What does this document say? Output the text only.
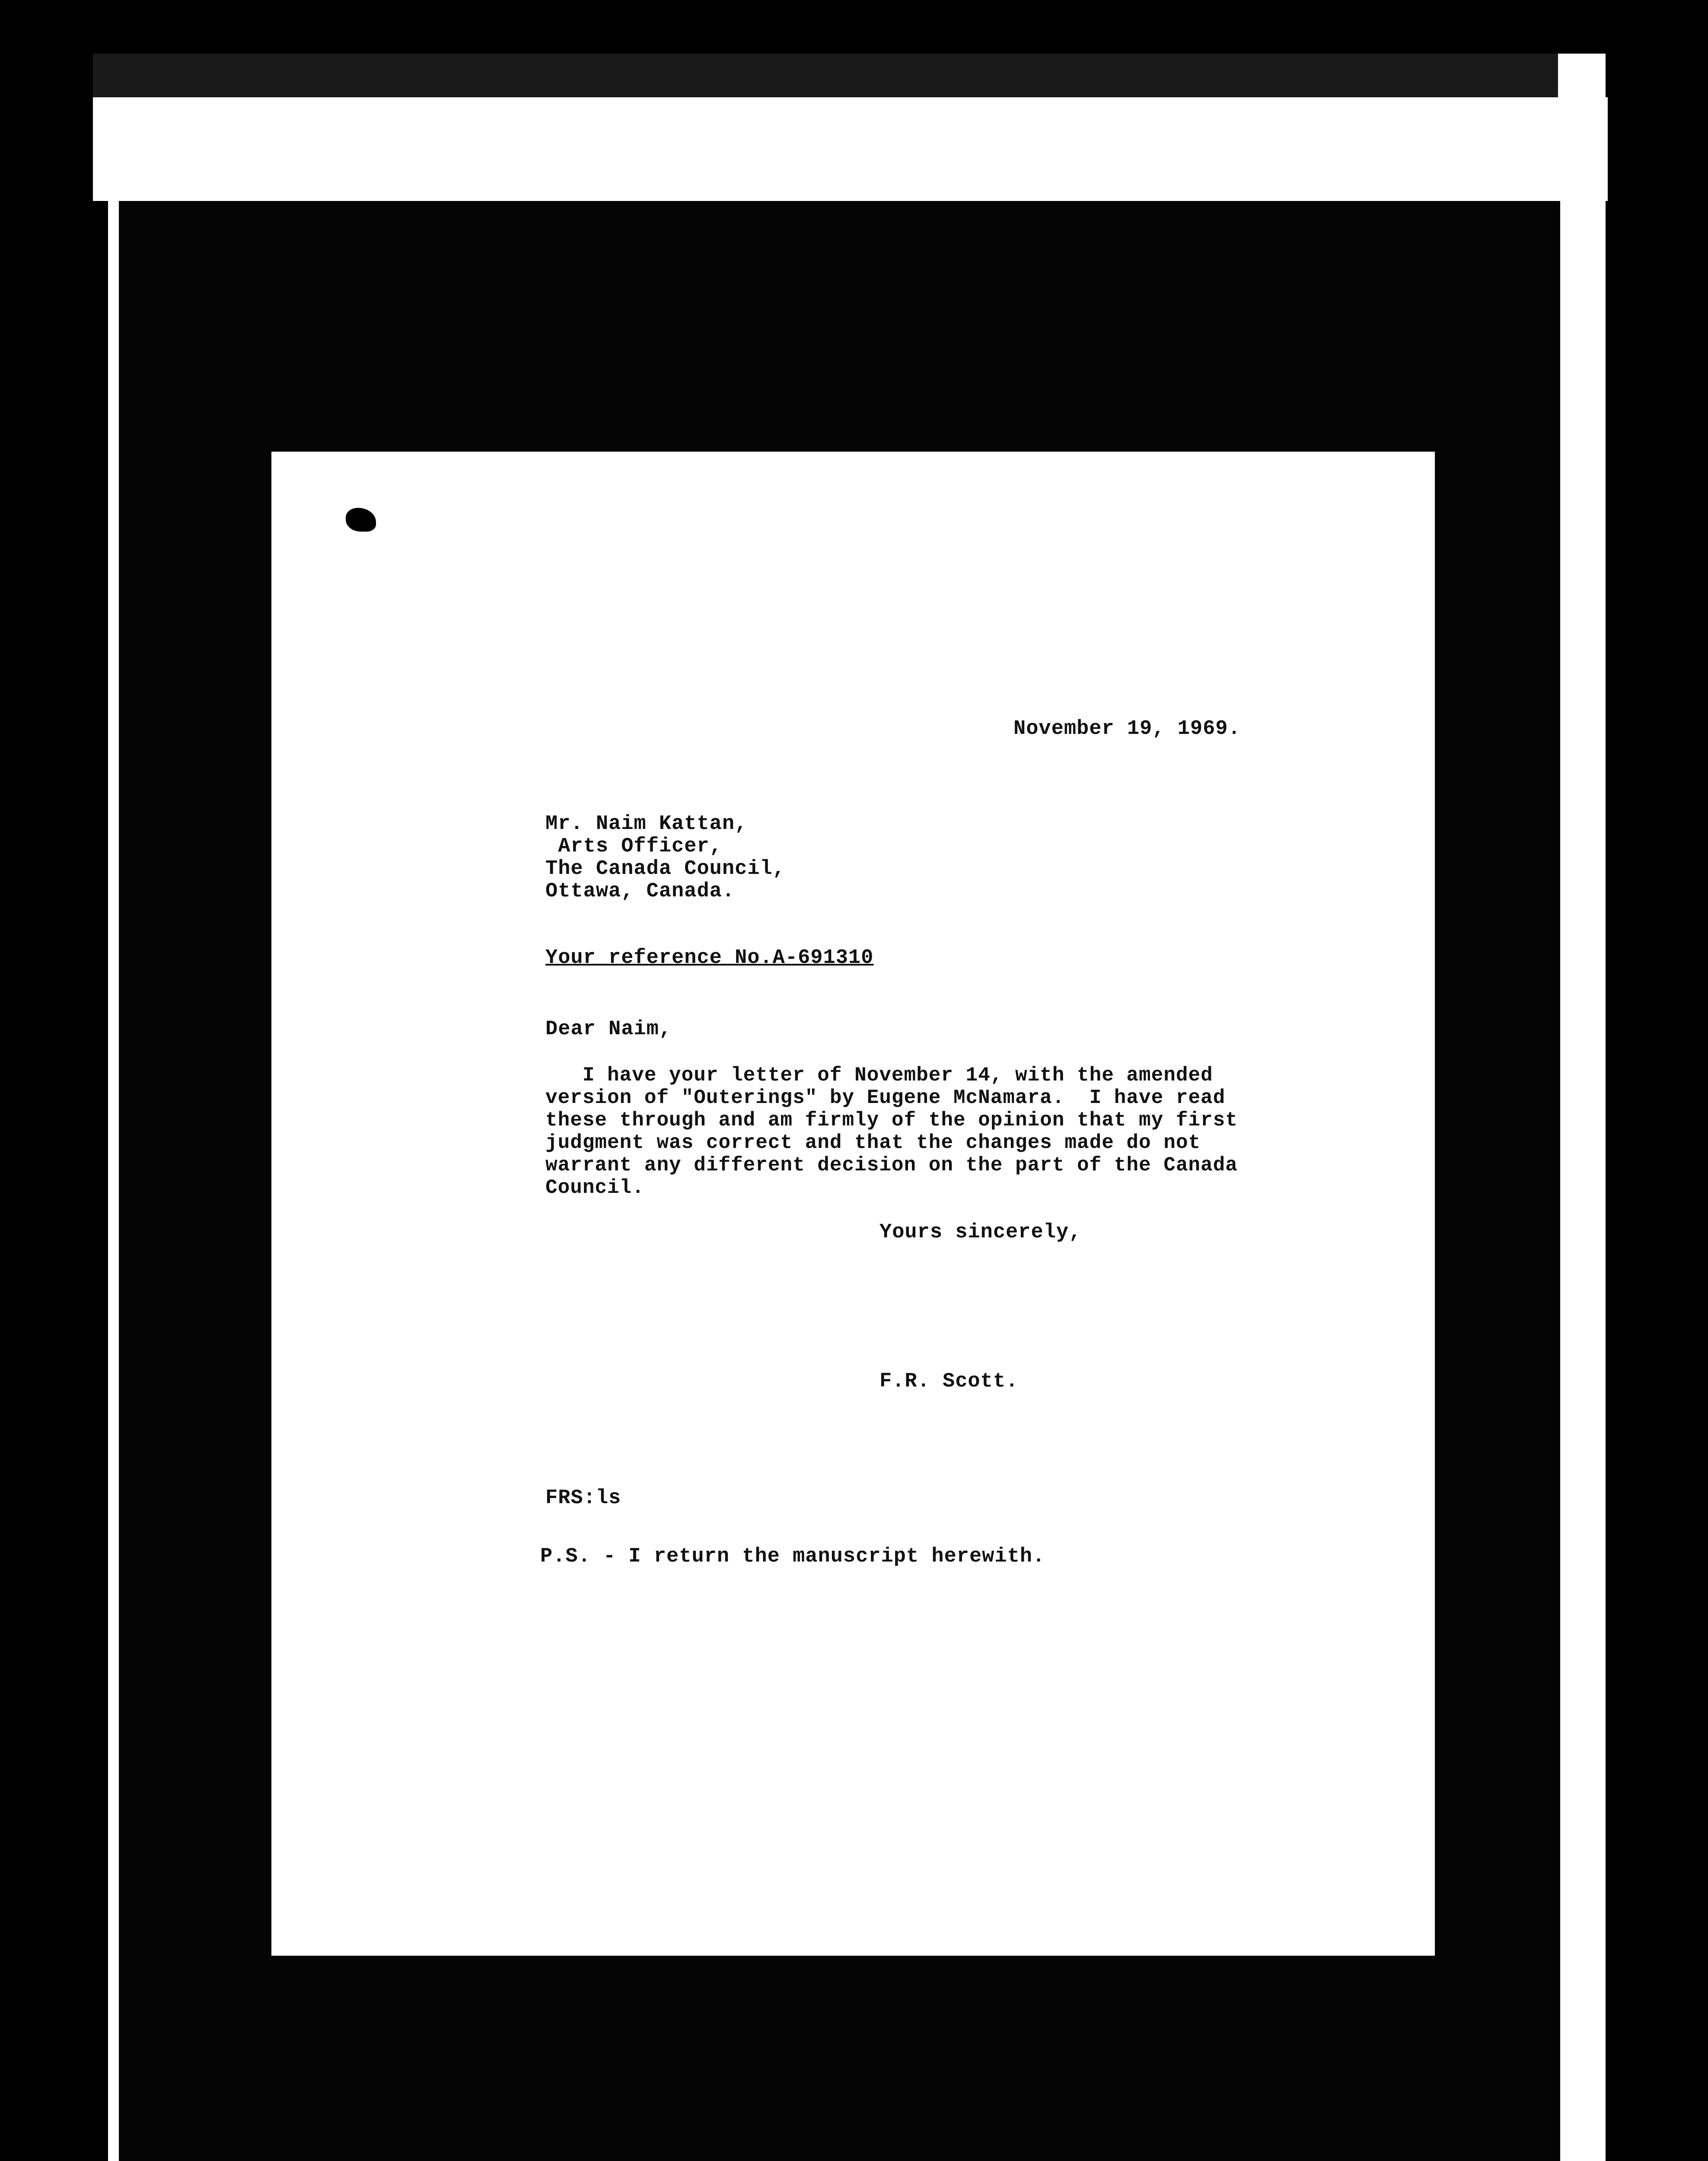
November 19, 1969.
Mr. Naim Kattan,
Arts Officer,
The Canada Council,
Ottawa, Canada.
Your reference No.A-691310
Dear Naim,
I have your letter of November 14, with the amended
version of "Outerings" by Eugene McNamara.  I have read
these through and am firmly of the opinion that my first
judgment was correct and that the changes made do not
warrant any different decision on the part of the Canada
Council.
Yours sincerely,
F.R. Scott.
FRS:ls
P.S. - I return the manuscript herewith.
